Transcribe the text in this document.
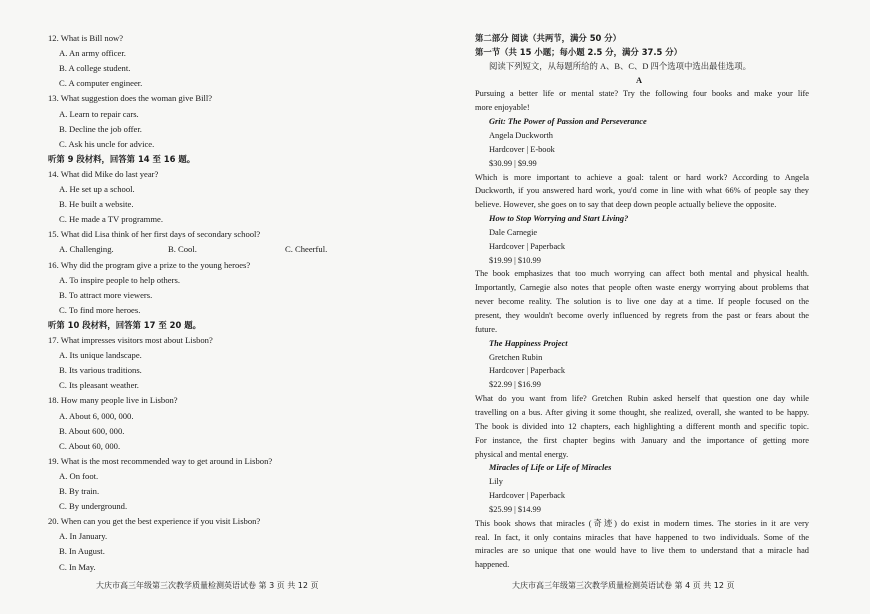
大庆市高三年级第三次教学质量检测英语试卷 第 3 页 共 12 页	大庆市高三年级第三次教学质量检测英语试卷 第 4 页 共 12 页
12. What is Bill now?
A. An army officer.
B. A college student.
C. A computer engineer.
13. What suggestion does the woman give Bill?
A. Learn to repair cars.
B. Decline the job offer.
C. Ask his uncle for advice.
听第 9 段材料，回答第 14 至 16 题。
14. What did Mike do last year?
A. He set up a school.
B. He built a website.
C. He made a TV programme.
15. What did Lisa think of her first days of secondary school?
A. Challenging.	B. Cool.	C. Cheerful.
16. Why did the program give a prize to the young heroes?
A. To inspire people to help others.
B. To attract more viewers.
C. To find more heroes.
听第 10 段材料，回答第 17 至 20 题。
17. What impresses visitors most about Lisbon?
A. Its unique landscape.
B. Its various traditions.
C. Its pleasant weather.
18. How many people live in Lisbon?
A. About 6, 000, 000.
B. About 600, 000.
C. About 60, 000.
19. What is the most recommended way to get around in Lisbon?
A. On foot.
B. By train.
C. By underground.
20. When can you get the best experience if you visit Lisbon?
A. In January.
B. In August.
C. In May.
第二部分 阅读（共两节，满分 50 分）
第一节（共 15 小题；每小题 2.5 分，满分 37.5 分）
阅读下列短文，从每题所给的 A、B、C、D 四个选项中选出最佳选项。
A
Pursuing a better life or mental state? Try the following four books and make your life
more enjoyable!
Grit: The Power of Passion and Perseverance
Angela Duckworth
Hardcover | E-book
$30.99 | $9.99
Which is more important to achieve a goal: talent or hard work? According to Angela
Duckworth, if you answered hard work, you'd come in line with what 66% of people say they
believe. However, she goes on to say that deep down people actually believe the opposite.
How to Stop Worrying and Start Living?
Dale Carnegie
Hardcover | Paperback
$19.99 | $10.99
The book emphasizes that too much worrying can affect both mental and physical health.
Importantly, Carnegie also notes that people often waste energy worrying about problems that
never become reality. The solution is to live one day at a time. If people focused on the
present, they wouldn't become overly influenced by regrets from the past or fears about the
future.
The Happiness Project
Gretchen Rubin
Hardcover | Paperback
$22.99 | $16.99
What do you want from life? Gretchen Rubin asked herself that question one day while
travelling on a bus. After giving it some thought, she realized, overall, she wanted to be happy.
The book is divided into 12 chapters, each highlighting a different month and specific topic.
For instance, the first chapter begins with January and the importance of getting more
physical and mental energy.
Miracles of Life or Life of Miracles
Lily
Hardcover | Paperback
$25.99 | $14.99
This book shows that miracles (奇迹) do exist in modern times. The stories in it are very
real. In fact, it only contains miracles that have happened to two individuals. Some of the
miracles are so unique that one would have to live them to understand that a miracle had
happened.
